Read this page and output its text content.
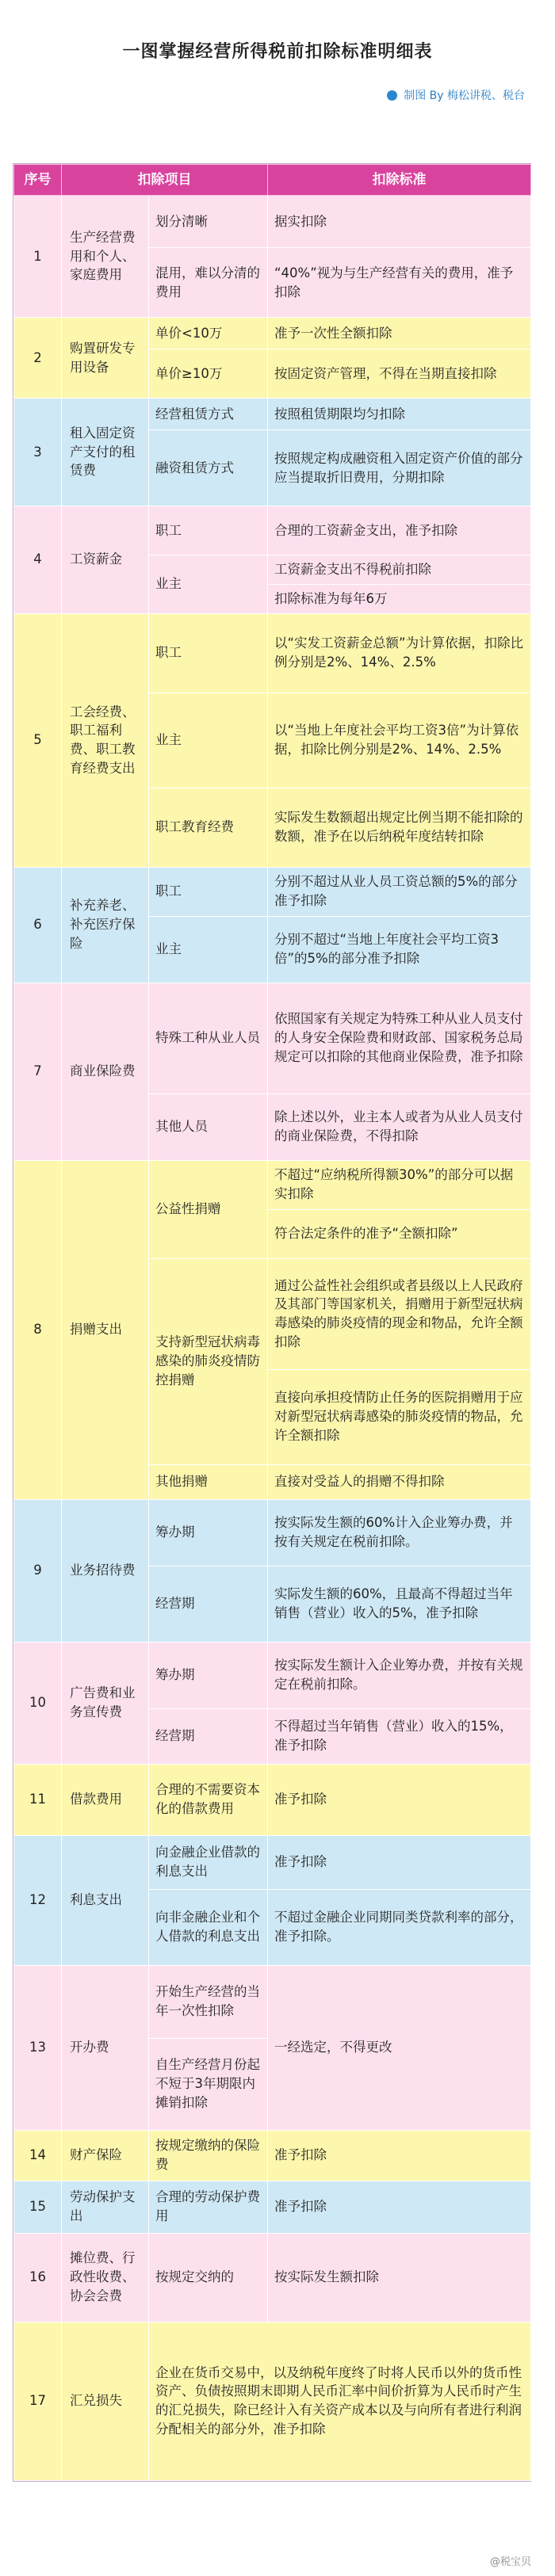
一图掌握经营所得税前扣除标准明细表
制图 By 梅松讲税、税台
序号	扣除项目		扣除标准
1	生产经营费用和个人、家庭费用	划分清晰	据实扣除
		混用，难以分清的费用	“40%”视为与生产经营有关的费用，准予扣除
2	购置研发专用设备	单价<10万	准予一次性全额扣除
		单价≥10万	按固定资产管理，不得在当期直接扣除
3	租入固定资产支付的租赁费	经营租赁方式	按照租赁期限均匀扣除
		融资租赁方式	按照规定构成融资租入固定资产价值的部分应当提取折旧费用，分期扣除
4	工资薪金	职工	合理的工资薪金支出，准予扣除
		业主	工资薪金支出不得税前扣除
			扣除标准为每年6万
5	工会经费、职工福利费、职工教育经费支出	职工	以“实发工资薪金总额”为计算依据，扣除比例分别是2%、14%、2.5%
		业主	以“当地上年度社会平均工资3倍”为计算依据，扣除比例分别是2%、14%、2.5%
		职工教育经费	实际发生数额超出规定比例当期不能扣除的数额，准予在以后纳税年度结转扣除
6	补充养老、补充医疗保险	职工	分别不超过从业人员工资总额的5%的部分准予扣除
		业主	分别不超过“当地上年度社会平均工资3倍”的5%的部分准予扣除
7	商业保险费	特殊工种从业人员	依照国家有关规定为特殊工种从业人员支付的人身安全保险费和财政部、国家税务总局规定可以扣除的其他商业保险费，准予扣除
		其他人员	除上述以外，业主本人或者为从业人员支付的商业保险费，不得扣除
8	捐赠支出	公益性捐赠	不超过“应纳税所得额30%”的部分可以据实扣除
			符合法定条件的准予“全额扣除”
		支持新型冠状病毒感染的肺炎疫情防控捐赠	通过公益性社会组织或者县级以上人民政府及其部门等国家机关，捐赠用于新型冠状病毒感染的肺炎疫情的现金和物品，允许全额扣除
			直接向承担疫情防止任务的医院捐赠用于应对新型冠状病毒感染的肺炎疫情的物品，允许全额扣除
		其他捐赠	直接对受益人的捐赠不得扣除
9	业务招待费	筹办期	按实际发生额的60%计入企业筹办费，并按有关规定在税前扣除。
		经营期	实际发生额的60%，且最高不得超过当年销售（营业）收入的5%，准予扣除
10	广告费和业务宣传费	筹办期	按实际发生额计入企业筹办费，并按有关规定在税前扣除。
		经营期	不得超过当年销售（营业）收入的15%，准予扣除
11	借款费用	合理的不需要资本化的借款费用	准予扣除
12	利息支出	向金融企业借款的利息支出	准予扣除
		向非金融企业和个人借款的利息支出	不超过金融企业同期同类贷款利率的部分，准予扣除。
13	开办费	开始生产经营的当年一次性扣除	一经选定，不得更改
		自生产经营月份起不短于3年期限内摊销扣除	
14	财产保险	按规定缴纳的保险费	准予扣除
15	劳动保护支出	合理的劳动保护费用	准予扣除
16	摊位费、行政性收费、协会会费	按规定交纳的	按实际发生额扣除
17	汇兑损失	企业在货币交易中，以及纳税年度终了时将人民币以外的货币性资产、负债按照期末即期人民币汇率中间价折算为人民币时产生的汇兑损失，除已经计入有关资产成本以及与向所有者进行利润分配相关的部分外，准予扣除	
@税宝贝
